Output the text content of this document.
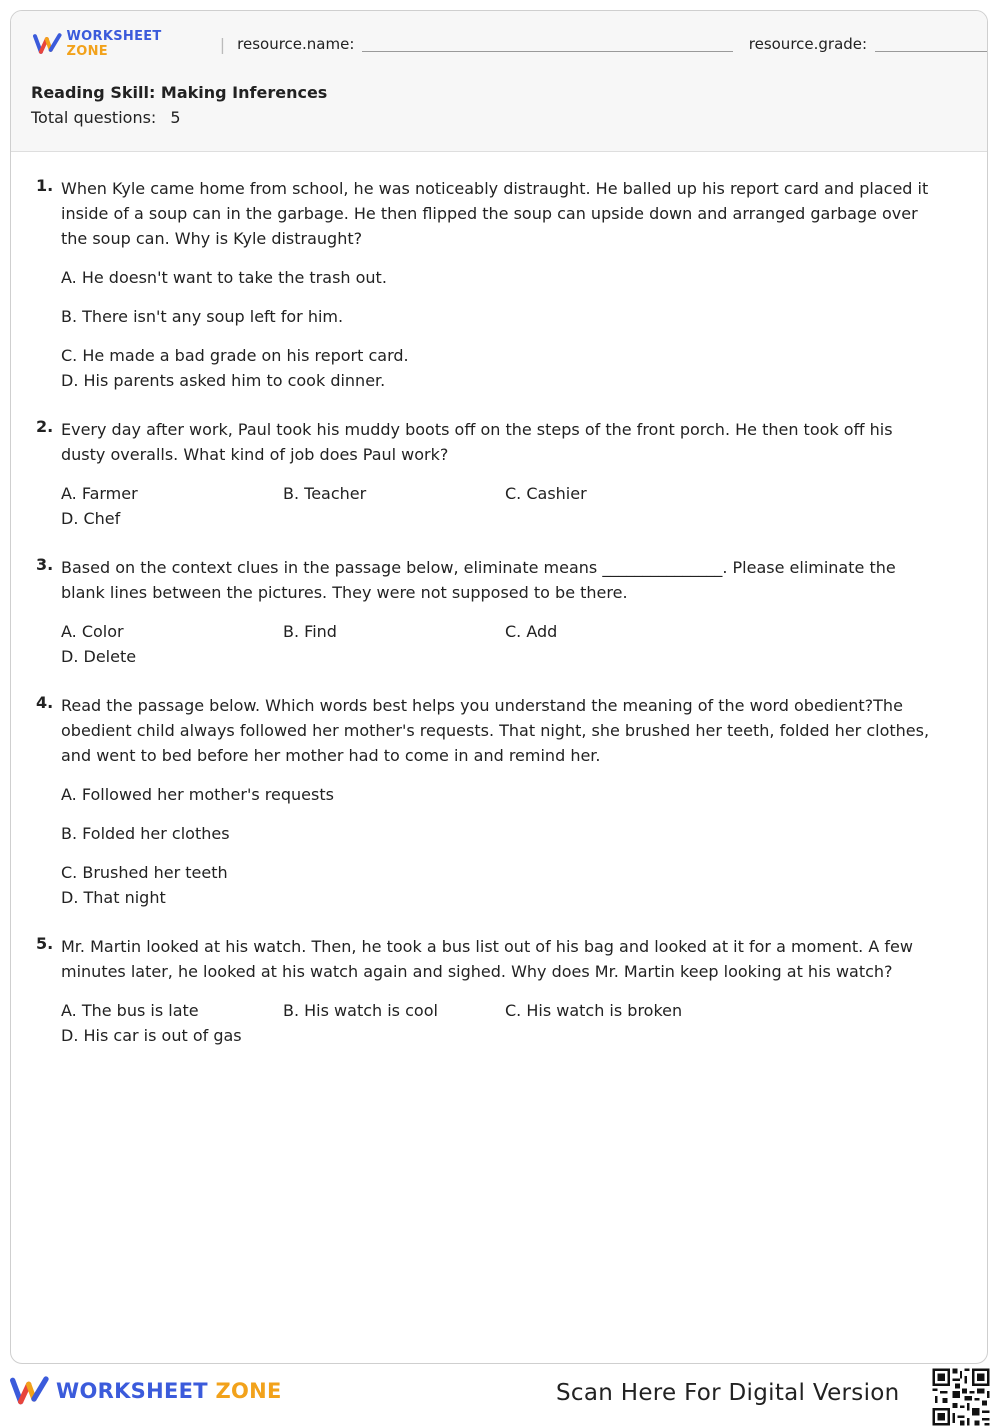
WORKSHEET ZONE	| resource.name:	resource.grade:
Reading Skill: Making Inferences
Total questions: 5
1. When Kyle came home from school, he was noticeably distraught. He balled up his report card and placed it inside of a soup can in the garbage. He then flipped the soup can upside down and arranged garbage over the soup can. Why is Kyle distraught?
A. He doesn't want to take the trash out.
B. There isn't any soup left for him.
C. He made a bad grade on his report card.
D. His parents asked him to cook dinner.
2. Every day after work, Paul took his muddy boots off on the steps of the front porch. He then took off his dusty overalls. What kind of job does Paul work?
A. Farmer	B. Teacher	C. Cashier
D. Chef
3. Based on the context clues in the passage below, eliminate means _______________. Please eliminate the blank lines between the pictures. They were not supposed to be there.
A. Color	B. Find	C. Add
D. Delete
4. Read the passage below. Which words best helps you understand the meaning of the word obedient?The obedient child always followed her mother's requests. That night, she brushed her teeth, folded her clothes, and went to bed before her mother had to come in and remind her.
A. Followed her mother's requests
B. Folded her clothes
C. Brushed her teeth
D. That night
5. Mr. Martin looked at his watch. Then, he took a bus list out of his bag and looked at it for a moment. A few minutes later, he looked at his watch again and sighed. Why does Mr. Martin keep looking at his watch?
A. The bus is late	B. His watch is cool	C. His watch is broken
D. His car is out of gas
WORKSHEET ZONE	Scan Here For Digital Version
